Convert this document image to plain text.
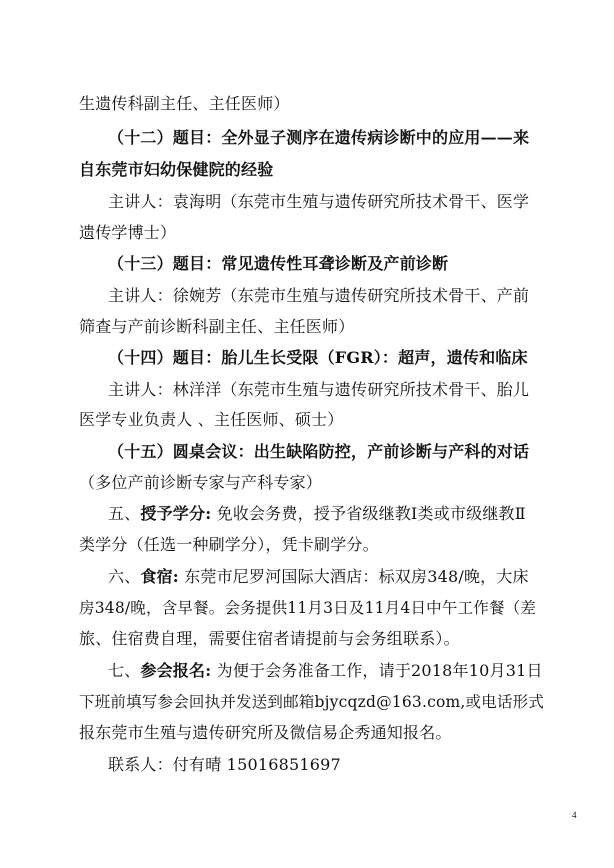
生遗传科副主任、主任医师）
（十二）题目：全外显子测序在遗传病诊断中的应用——来
自东莞市妇幼保健院的经验
主讲人：袁海明（东莞市生殖与遗传研究所技术骨干、医学
遗传学博士）
（十三）题目：常见遗传性耳聋诊断及产前诊断
主讲人：徐婉芳（东莞市生殖与遗传研究所技术骨干、产前
筛查与产前诊断科副主任、主任医师）
（十四）题目：胎儿生长受限（FGR）：超声，遗传和临床
主讲人：林洋洋（东莞市生殖与遗传研究所技术骨干、胎儿
医学专业负责人 、主任医师、硕士）
（十五）圆桌会议：出生缺陷防控，产前诊断与产科的对话
（多位产前诊断专家与产科专家）
五、授予学分: 免收会务费，授予省级继教Ⅰ类或市级继教Ⅱ
类学分（任选一种刷学分），凭卡刷学分。
六、食宿: 东莞市尼罗河国际大酒店：标双房348/晚，大床
房348/晚，含早餐。会务提供11月3日及11月4日中午工作餐（差
旅、住宿费自理，需要住宿者请提前与会务组联系）。
七、参会报名: 为便于会务准备工作，请于2018年10月31日
下班前填写参会回执并发送到邮箱bjycqzd@163.com,或电话形式
报东莞市生殖与遗传研究所及微信易企秀通知报名。
联系人：付有晴 15016851697
4
